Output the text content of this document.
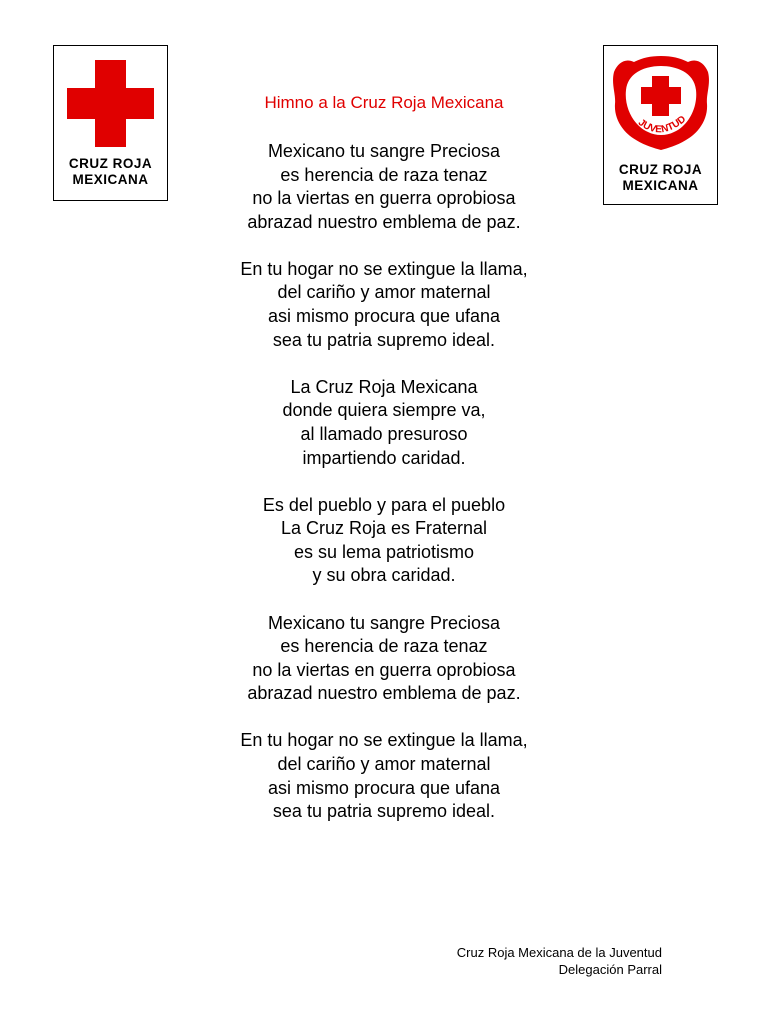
CRUZ ROJA
MEXICANA
JUVENTUD
CRUZ ROJA
MEXICANA
Himno a la Cruz Roja Mexicana
Mexicano tu sangre Preciosa
es herencia de raza tenaz
no la viertas en guerra oprobiosa
abrazad nuestro emblema de paz.
En tu hogar no se extingue la llama,
del cariño y amor maternal
asi mismo procura que ufana
sea tu patria supremo ideal.
La Cruz Roja Mexicana
donde quiera siempre va,
al llamado presuroso
impartiendo caridad.
Es del pueblo y para el pueblo
La Cruz Roja es Fraternal
es su lema patriotismo
y su obra caridad.
Mexicano tu sangre Preciosa
es herencia de raza tenaz
no la viertas en guerra oprobiosa
abrazad nuestro emblema de paz.
En tu hogar no se extingue la llama,
del cariño y amor maternal
asi mismo procura que ufana
sea tu patria supremo ideal.
Cruz Roja Mexicana de la Juventud
Delegación Parral
